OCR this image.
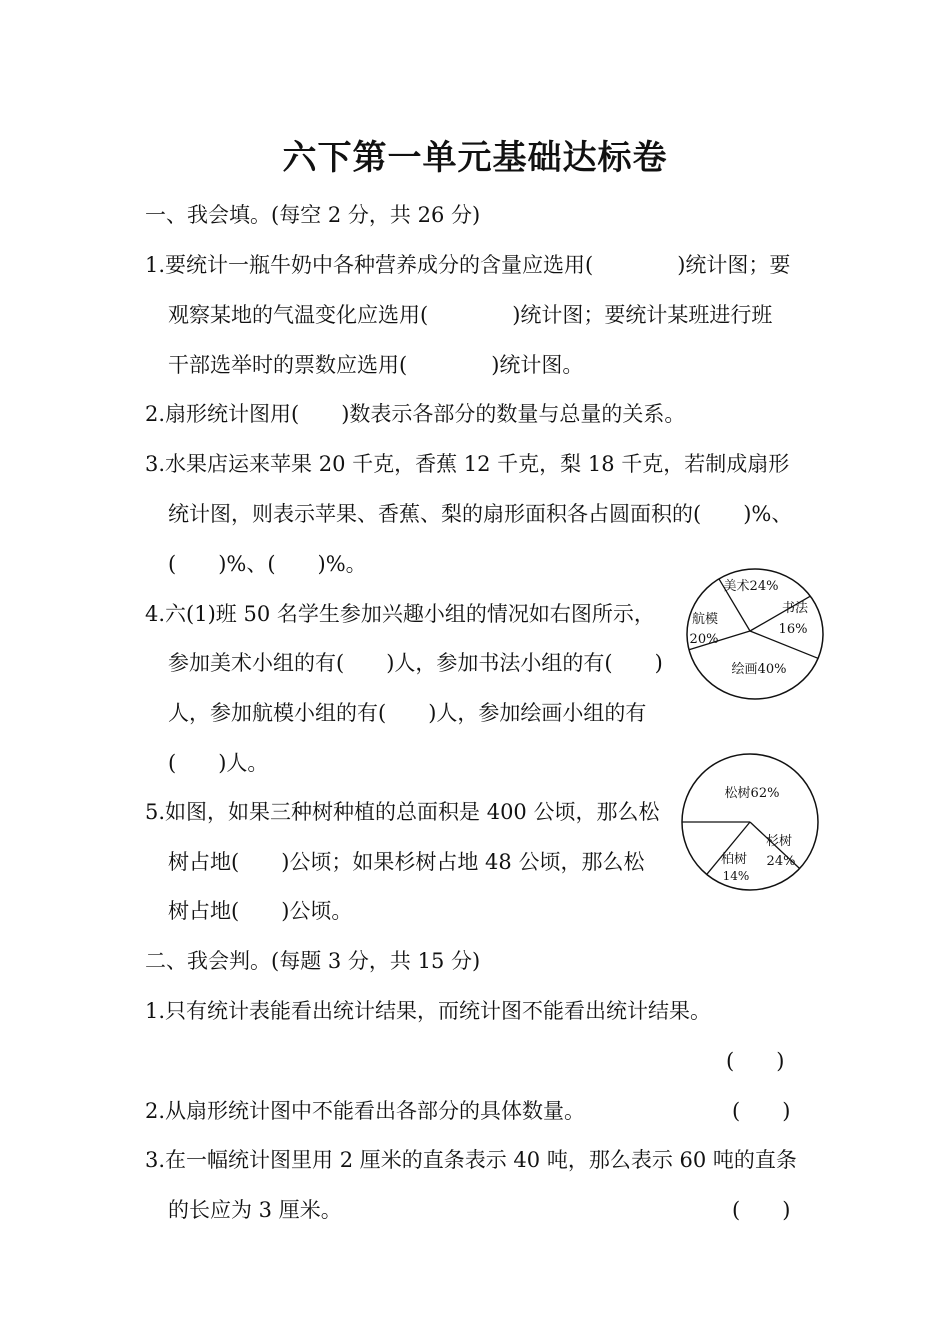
六下第一单元基础达标卷
一、我会填。(每空 2 分，共 26 分)
1.要统计一瓶牛奶中各种营养成分的含量应选用(　　　　)统计图；要
观察某地的气温变化应选用(　　　　)统计图；要统计某班进行班
干部选举时的票数应选用(　　　　)统计图。
2.扇形统计图用(　　)数表示各部分的数量与总量的关系。
3.水果店运来苹果 20 千克，香蕉 12 千克，梨 18 千克，若制成扇形
统计图，则表示苹果、香蕉、梨的扇形面积各占圆面积的(　　)%、
(　　)%、(　　)%。
4.六(1)班 50 名学生参加兴趣小组的情况如右图所示，
参加美术小组的有(　　)人，参加书法小组的有(　　)
人，参加航模小组的有(　　)人，参加绘画小组的有
(　　)人。
5.如图，如果三种树种植的总面积是 400 公顷，那么松
树占地(　　)公顷；如果杉树占地 48 公顷，那么松
树占地(　　)公顷。
二、我会判。(每题 3 分，共 15 分)
1.只有统计表能看出统计结果，而统计图不能看出统计结果。
(　　)
2.从扇形统计图中不能看出各部分的具体数量。	(　　)
3.在一幅统计图里用 2 厘米的直条表示 40 吨，那么表示 60 吨的直条
的长应为 3 厘米。	(　　)
美术24%
书法
16%
绘画40%
航模
20%
松树62%
杉树
24%
柏树
14%
